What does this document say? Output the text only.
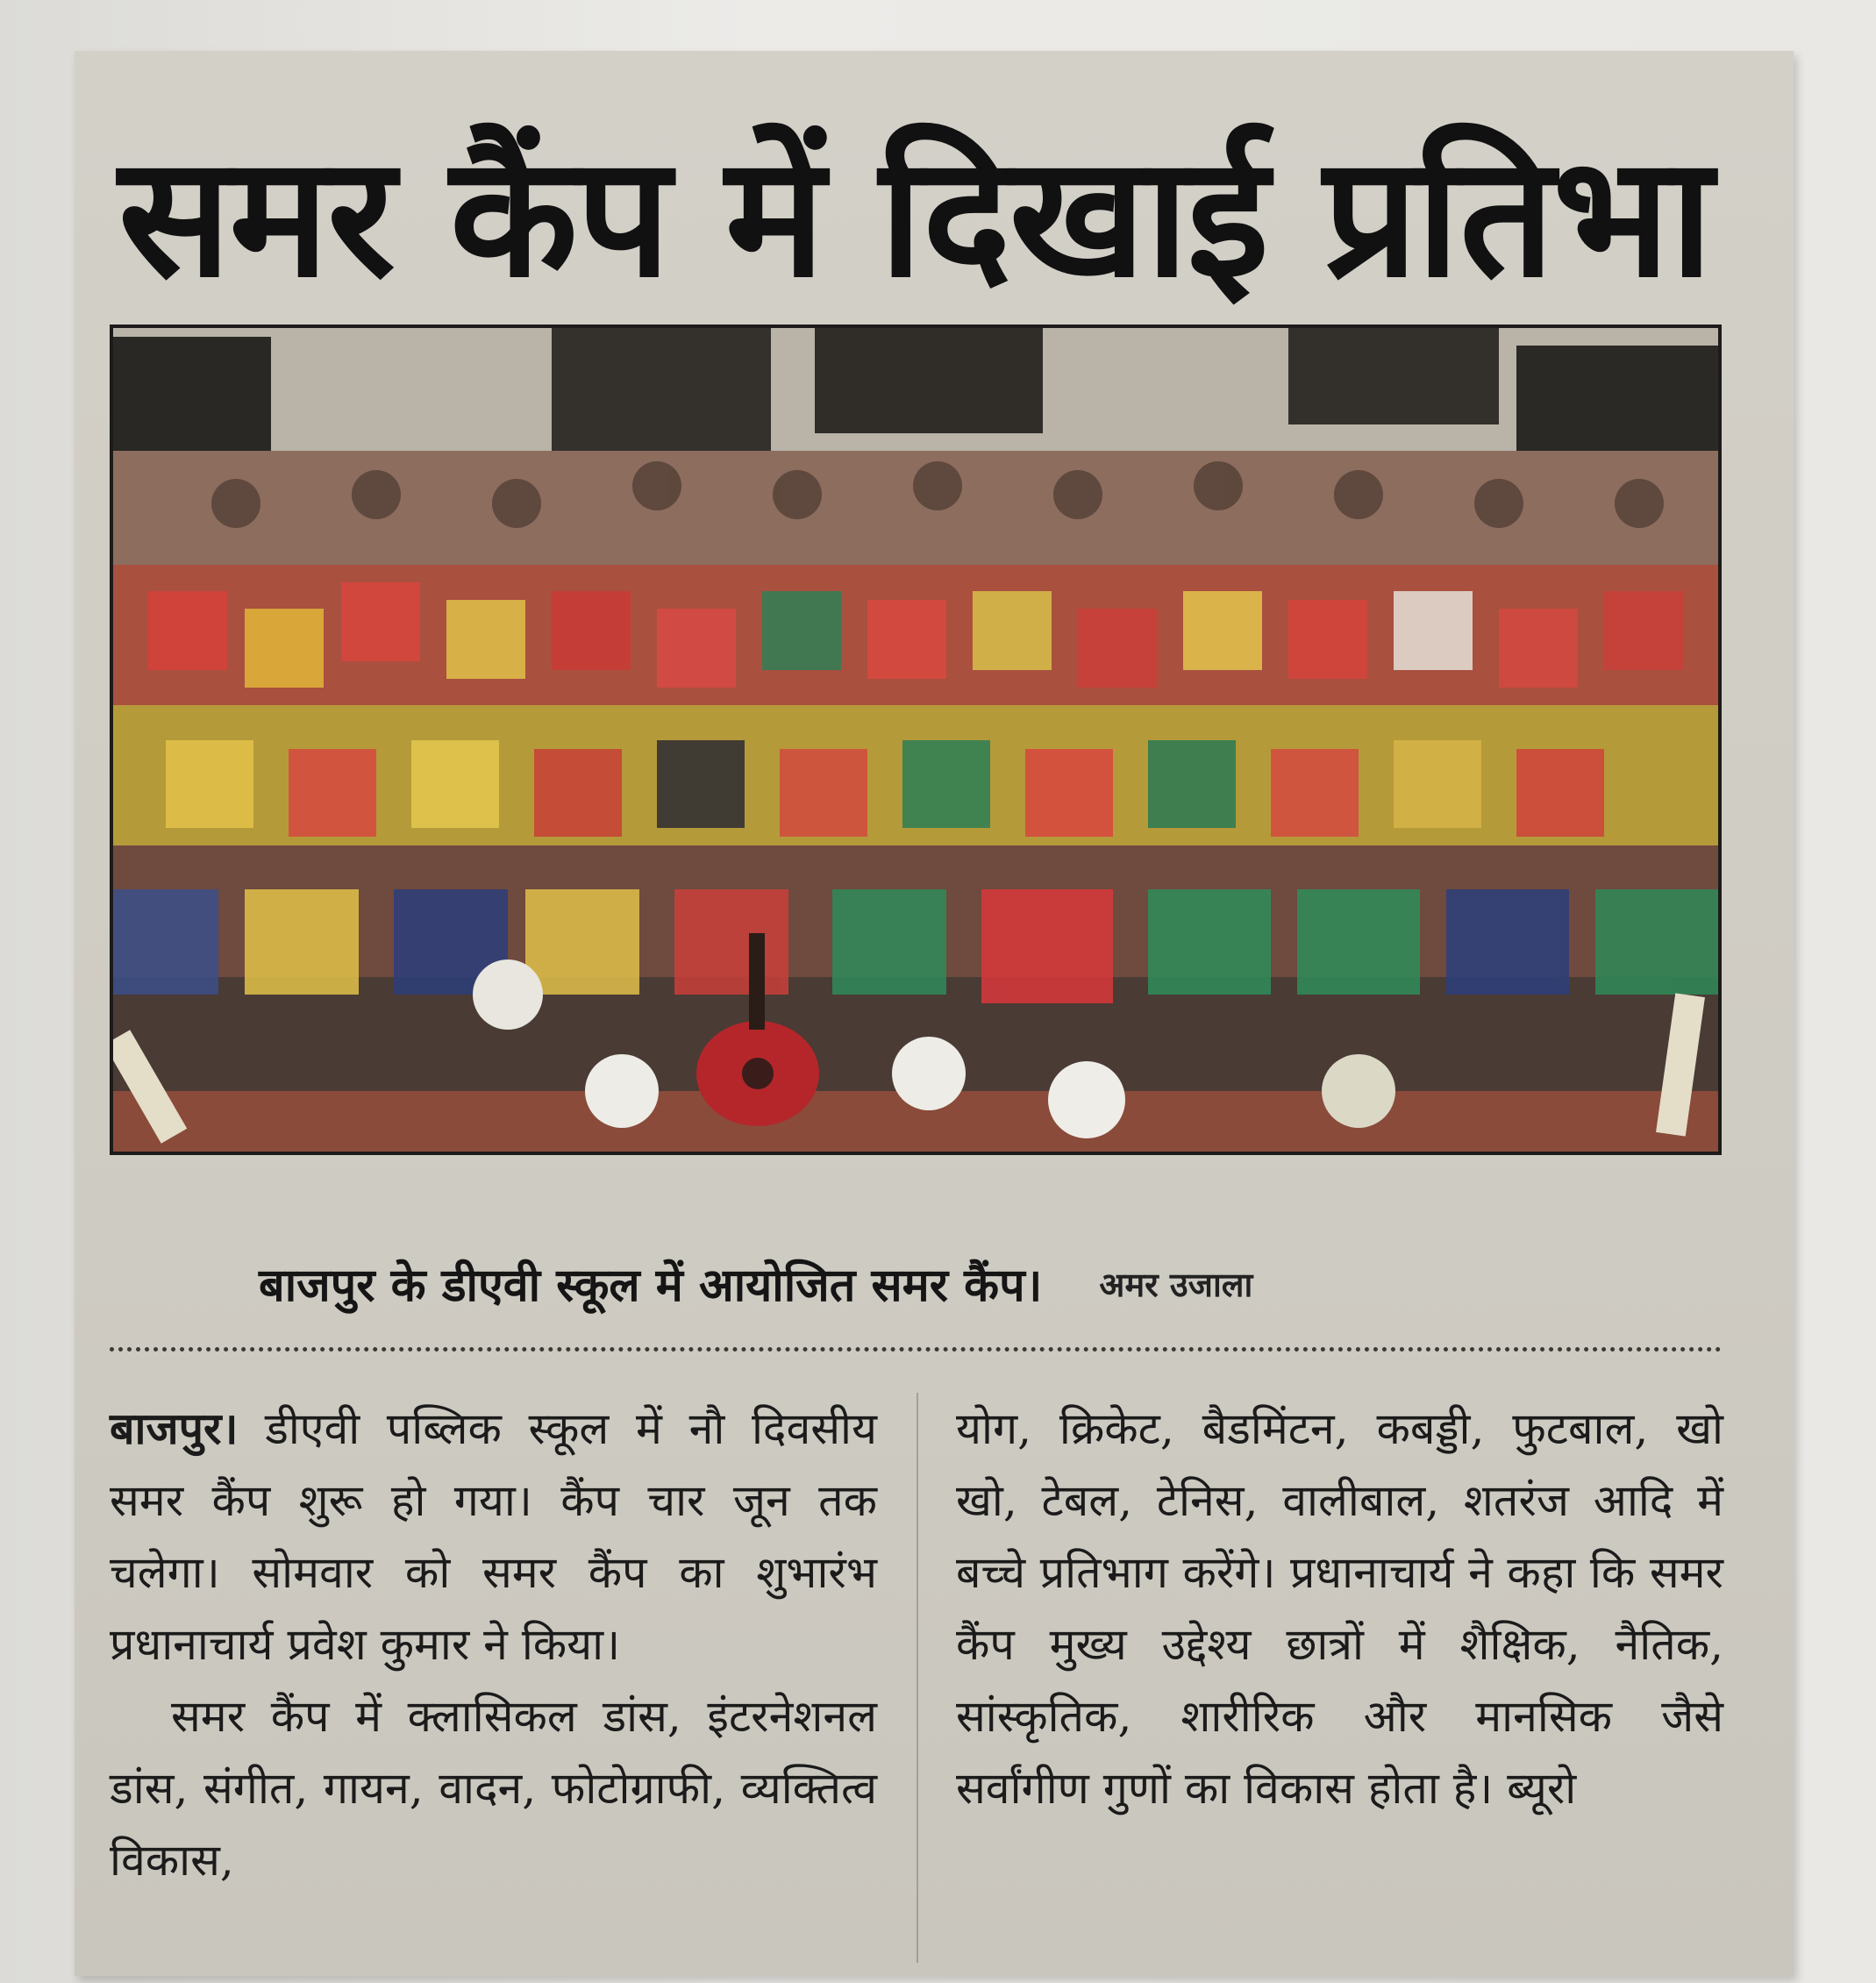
समर कैंप में दिखाई प्रतिभा
बाजपुर के डीएवी स्कूल में आयोजित समर कैंप। अमर उजाला

बाजपुर। डीएवी पब्लिक स्कूल में नौ दिवसीय समर कैंप शुरू हो गया। कैंप चार जून तक चलेगा। सोमवार को समर कैंप का शुभारंभ प्रधानाचार्य प्रवेश कुमार ने किया।

समर कैंप में क्लासिकल डांस, इंटरनेशनल डांस, संगीत, गायन, वादन, फोटोग्राफी, व्यक्तित्व विकास,

योग, क्रिकेट, बैडमिंटन, कबड्डी, फुटबाल, खो खो, टेबल, टेनिस, वालीबाल, शतरंज आदि में बच्चे प्रतिभाग करेंगे। प्रधानाचार्य ने कहा कि समर कैंप मुख्य उद्देश्य छात्रों में शैक्षिक, नैतिक, सांस्कृतिक, शारीरिक और मानसिक जैसे सर्वांगीण गुणों का विकास होता है। ब्यूरो
